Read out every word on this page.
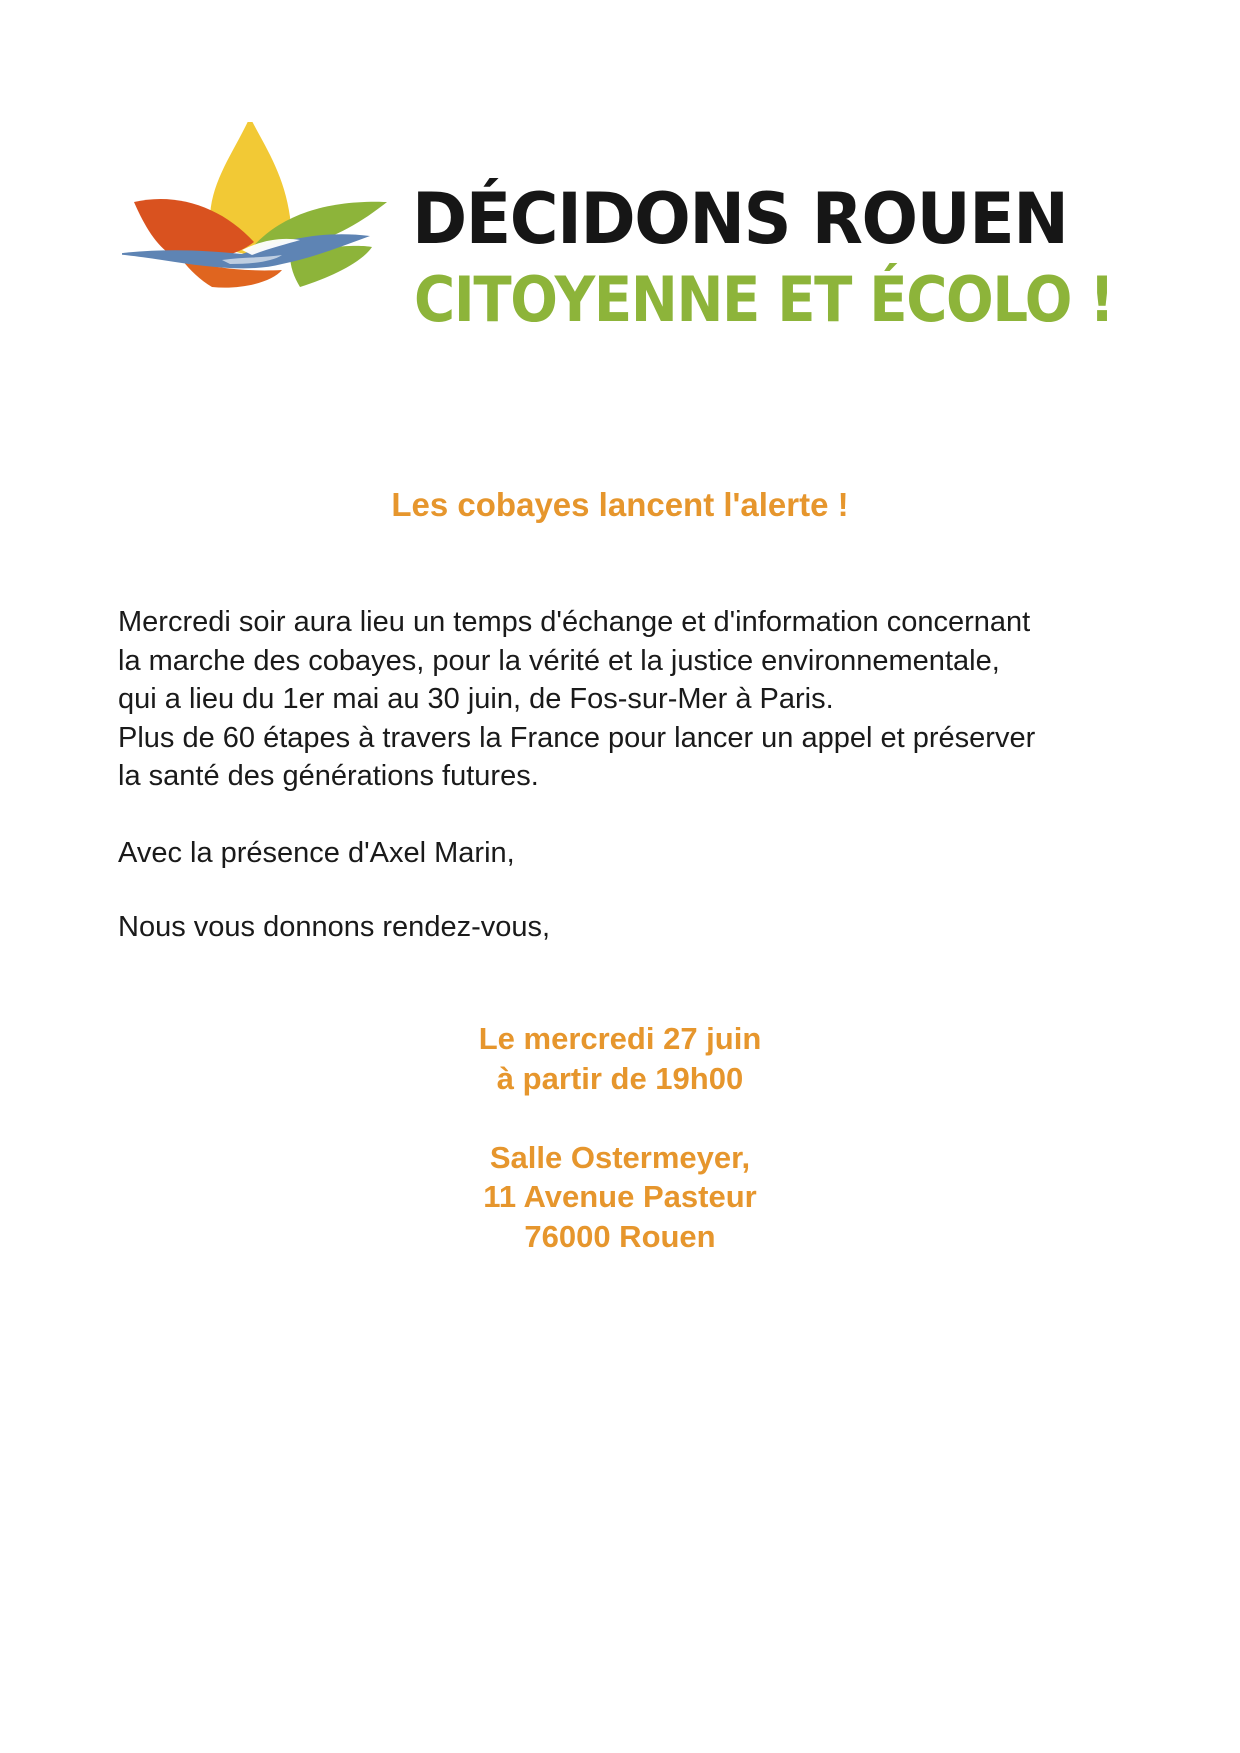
DÉCIDONS ROUEN
CITOYENNE ET ÉCOLO !
Les cobayes lancent l'alerte !
Mercredi soir aura lieu un temps d'échange et d'information concernant
la marche des cobayes, pour la vérité et la justice environnementale,
qui a lieu du 1er mai au 30 juin, de Fos-sur-Mer à Paris.
Plus de 60 étapes à travers la France pour lancer un appel et préserver
la santé des générations futures.
Avec la présence d'Axel Marin,
Nous vous donnons rendez-vous,
Le mercredi 27 juin
à partir de 19h00
Salle Ostermeyer,
11 Avenue Pasteur
76000 Rouen
